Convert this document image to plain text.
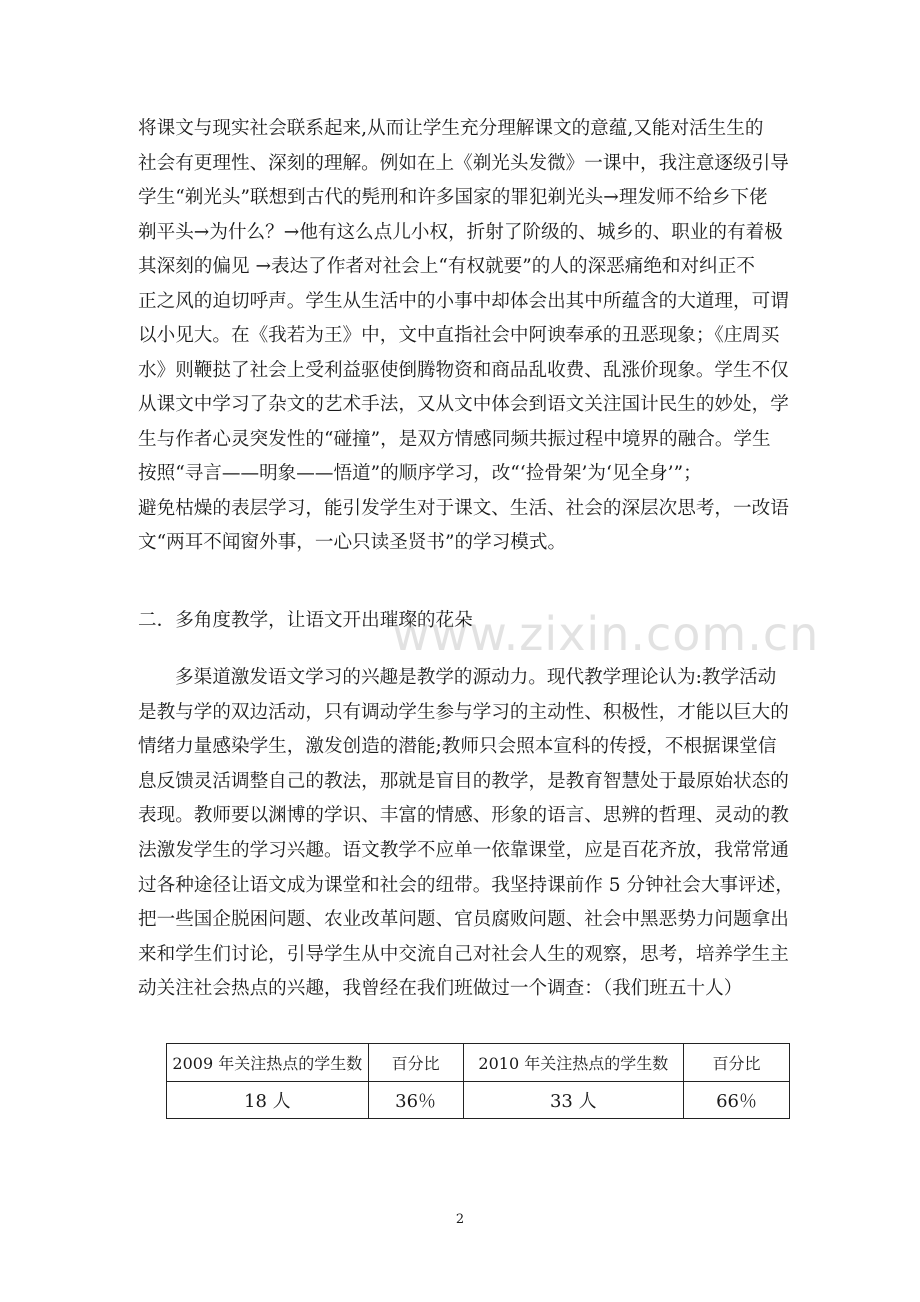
将课文与现实社会联系起来,从而让学生充分理解课文的意蕴,又能对活生生的
社会有更理性、深刻的理解。例如在上《剃光头发微》一课中，我注意逐级引导
学生“剃光头”联想到古代的髡刑和许多国家的罪犯剃光头→理发师不给乡下佬
剃平头→为什么？→他有这么点儿小权，折射了阶级的、城乡的、职业的有着极
其深刻的偏见 →表达了作者对社会上“有权就要”的人的深恶痛绝和对纠正不
正之风的迫切呼声。学生从生活中的小事中却体会出其中所蕴含的大道理，可谓
以小见大。在《我若为王》中，文中直指社会中阿谀奉承的丑恶现象；《庄周买
水》则鞭挞了社会上受利益驱使倒腾物资和商品乱收费、乱涨价现象。学生不仅
从课文中学习了杂文的艺术手法，又从文中体会到语文关注国计民生的妙处，学
生与作者心灵突发性的“碰撞”，是双方情感同频共振过程中境界的融合。学生
按照“寻言——明象——悟道”的顺序学习，改“‘捡骨架’为‘见全身’”；
避免枯燥的表层学习，能引发学生对于课文、生活、社会的深层次思考，一改语
文“两耳不闻窗外事，一心只读圣贤书”的学习模式。
二．多角度教学，让语文开出璀璨的花朵
www.zixin.com.cn
多渠道激发语文学习的兴趣是教学的源动力。现代教学理论认为:教学活动
是教与学的双边活动，只有调动学生参与学习的主动性、积极性，才能以巨大的
情绪力量感染学生，激发创造的潜能;教师只会照本宣科的传授，不根据课堂信
息反馈灵活调整自己的教法，那就是盲目的教学，是教育智慧处于最原始状态的
表现。教师要以渊博的学识、丰富的情感、形象的语言、思辨的哲理、灵动的教
法激发学生的学习兴趣。语文教学不应单一依靠课堂，应是百花齐放，我常常通
过各种途径让语文成为课堂和社会的纽带。我坚持课前作 5 分钟社会大事评述，
把一些国企脱困问题、农业改革问题、官员腐败问题、社会中黑恶势力问题拿出
来和学生们讨论，引导学生从中交流自己对社会人生的观察，思考，培养学生主
动关注社会热点的兴趣，我曾经在我们班做过一个调查：（我们班五十人）
2009 年关注热点的学生数	百分比	2010 年关注热点的学生数	百分比
18 人	36％	33 人	66％
2
